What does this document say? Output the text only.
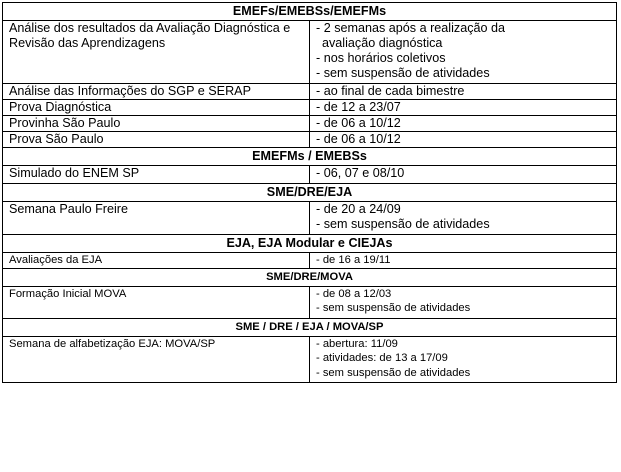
EMEFs/EMEBSs/EMEFMs	

Análise dos resultados da Avaliação Diagnóstica e
Revisão das Aprendizagens	- 2 semanas após a realização da
avaliação diagnóstica
- nos horários coletivos
- sem suspensão de atividades

Análise das Informações do SGP e SERAP	- ao final de cada bimestre

Prova Diagnóstica	- de 12 a 23/07

Provinha São Paulo	- de 06 a 10/12

Prova São Paulo	- de 06 a 10/12

EMEFMs / EMEBSs	

Simulado do ENEM SP	- 06, 07 e 08/10

SME/DRE/EJA	

Semana Paulo Freire	- de 20 a 24/09
- sem suspensão de atividades

EJA, EJA Modular e CIEJAs	

Avaliações da EJA	- de 16 a 19/11

SME/DRE/MOVA	

Formação Inicial MOVA	- de 08 a 12/03
- sem suspensão de atividades

SME / DRE / EJA / MOVA/SP	

Semana de alfabetização EJA: MOVA/SP	- abertura: 11/09
- atividades: de 13 a 17/09
- sem suspensão de atividades
